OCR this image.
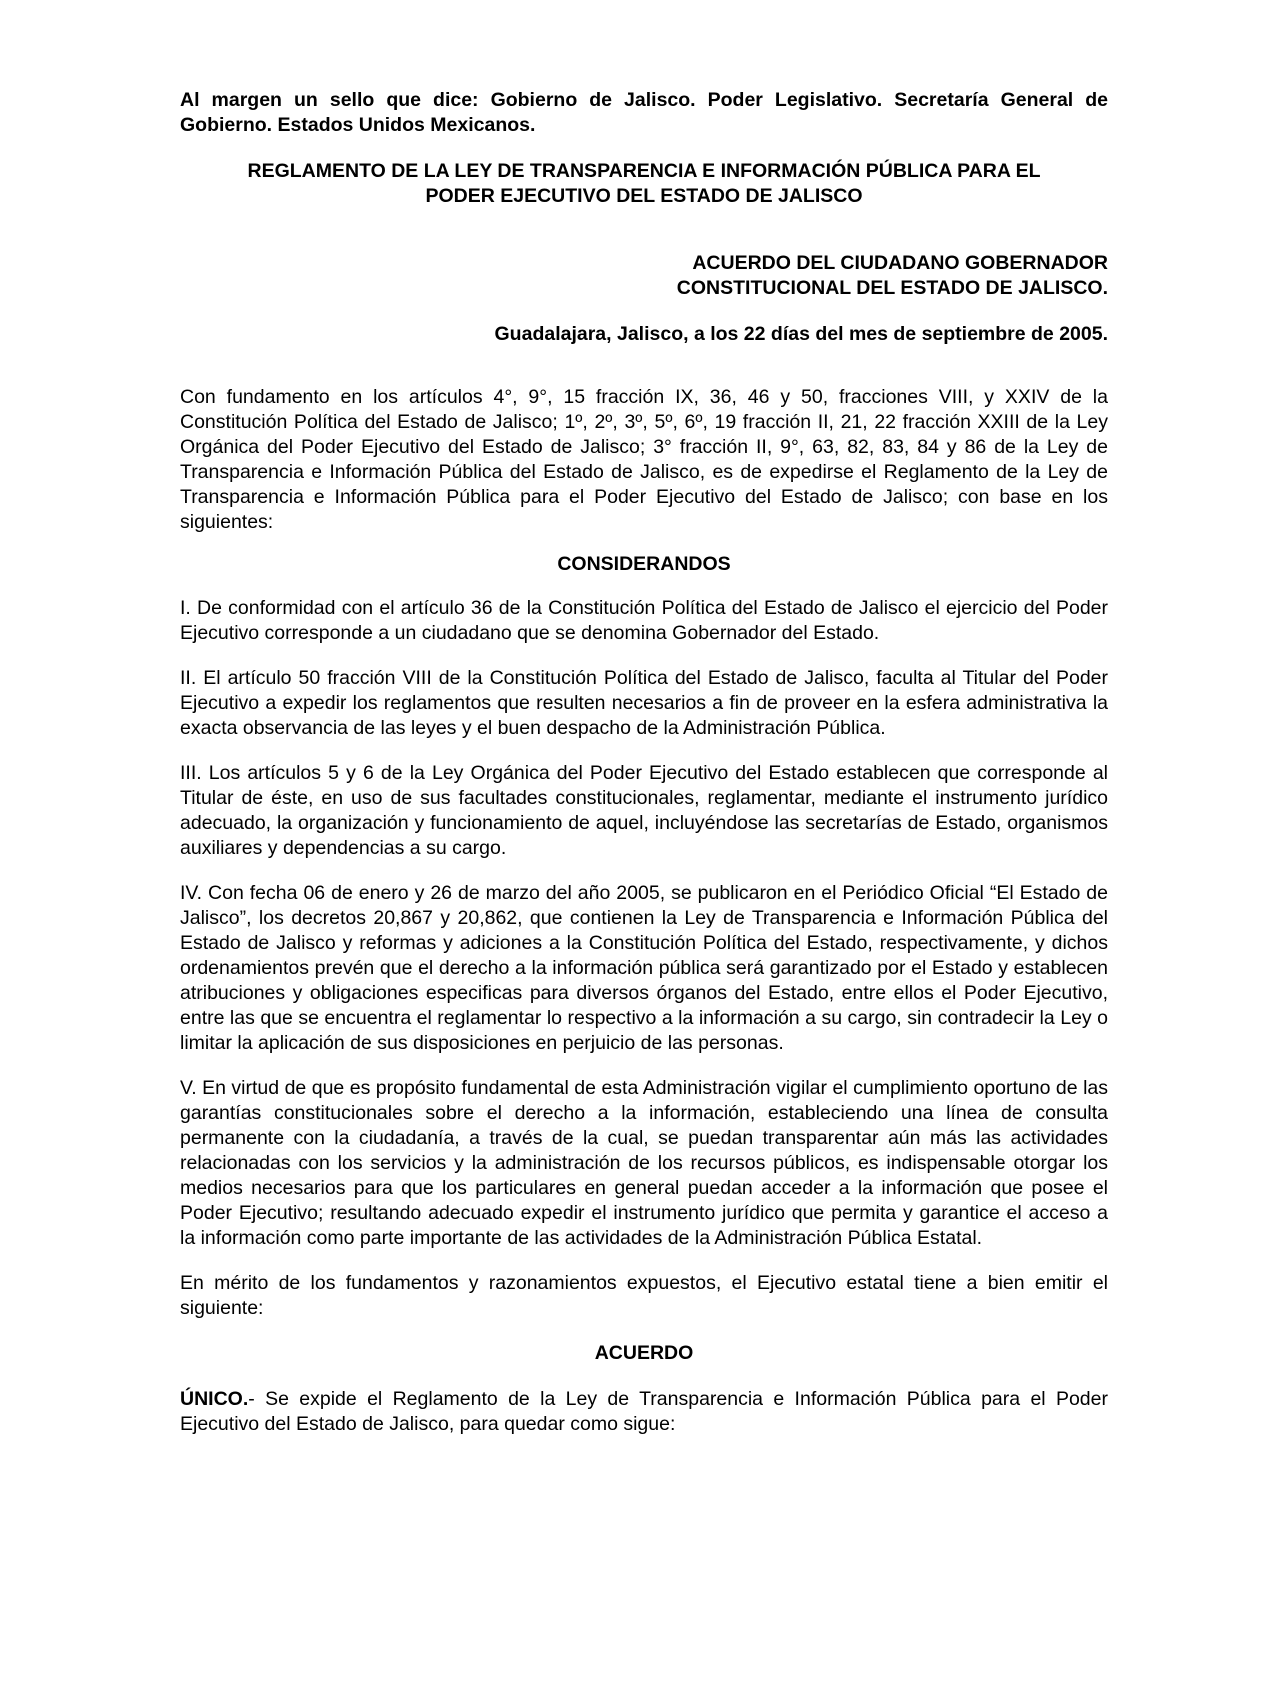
Al margen un sello que dice: Gobierno de Jalisco. Poder Legislativo. Secretaría General de Gobierno. Estados Unidos Mexicanos.

REGLAMENTO DE LA LEY DE TRANSPARENCIA E INFORMACIÓN PÚBLICA PARA EL
PODER EJECUTIVO DEL ESTADO DE JALISCO
ACUERDO DEL CIUDADANO GOBERNADOR
CONSTITUCIONAL DEL ESTADO DE JALISCO.

Guadalajara, Jalisco, a los 22 días del mes de septiembre de 2005.

Con fundamento en los artículos 4°, 9°, 15 fracción IX, 36, 46 y 50, fracciones VIII, y XXIV de la Constitución Política del Estado de Jalisco; 1º, 2º, 3º, 5º, 6º, 19 fracción II, 21, 22 fracción XXIII de la Ley Orgánica del Poder Ejecutivo del Estado de Jalisco; 3° fracción II, 9°, 63, 82, 83, 84 y 86 de la Ley de Transparencia e Información Pública del Estado de Jalisco, es de expedirse el Reglamento de la Ley de Transparencia e Información Pública para el Poder Ejecutivo del Estado de Jalisco; con base en los siguientes:

CONSIDERANDOS

I. De conformidad con el artículo 36 de la Constitución Política del Estado de Jalisco el ejercicio del Poder Ejecutivo corresponde a un ciudadano que se denomina Gobernador del Estado.

II. El artículo 50 fracción VIII de la Constitución Política del Estado de Jalisco, faculta al Titular del Poder Ejecutivo a expedir los reglamentos que resulten necesarios a fin de proveer en la esfera administrativa la exacta observancia de las leyes y el buen despacho de la Administración Pública.

III. Los artículos 5 y 6 de la Ley Orgánica del Poder Ejecutivo del Estado establecen que corresponde al Titular de éste, en uso de sus facultades constitucionales, reglamentar, mediante el instrumento jurídico adecuado, la organización y funcionamiento de aquel, incluyéndose las secretarías de Estado, organismos auxiliares y dependencias a su cargo.

IV. Con fecha 06 de enero y 26 de marzo del año 2005, se publicaron en el Periódico Oficial “El Estado de Jalisco”, los decretos 20,867 y 20,862, que contienen la Ley de Transparencia e Información Pública del Estado de Jalisco y reformas y adiciones a la Constitución Política del Estado, respectivamente, y dichos ordenamientos prevén que el derecho a la información pública será garantizado por el Estado y establecen atribuciones y obligaciones especificas para diversos órganos del Estado, entre ellos el Poder Ejecutivo, entre las que se encuentra el reglamentar lo respectivo a la información a su cargo, sin contradecir la Ley o limitar la aplicación de sus disposiciones en perjuicio de las personas.

V. En virtud de que es propósito fundamental de esta Administración vigilar el cumplimiento oportuno de las garantías constitucionales sobre el derecho a la información, estableciendo una línea de consulta permanente con la ciudadanía, a través de la cual, se puedan transparentar aún más las actividades relacionadas con los servicios y la administración de los recursos públicos, es indispensable otorgar los medios necesarios para que los particulares en general puedan acceder a la información que posee el Poder Ejecutivo; resultando adecuado expedir el instrumento jurídico que permita y garantice el acceso a la información como parte importante de las actividades de la Administración Pública Estatal.

En mérito de los fundamentos y razonamientos expuestos, el Ejecutivo estatal tiene a bien emitir el siguiente:

ACUERDO

ÚNICO.- Se expide el Reglamento de la Ley de Transparencia e Información Pública para el Poder Ejecutivo del Estado de Jalisco, para quedar como sigue:
